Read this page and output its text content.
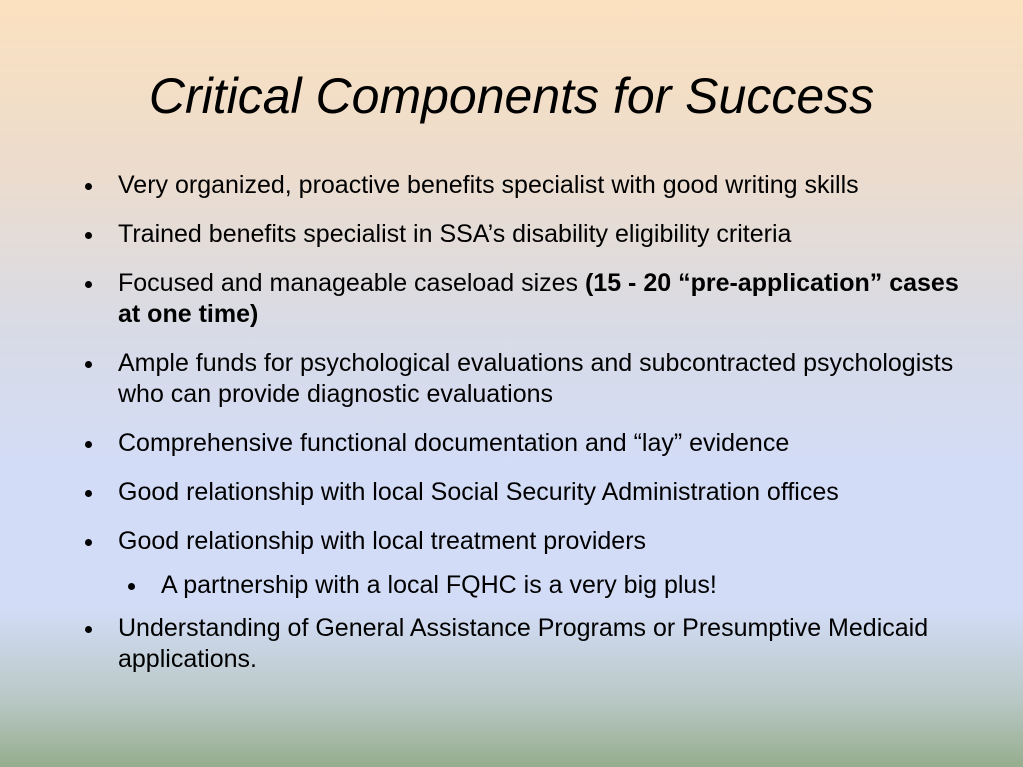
Critical Components for Success
Very organized, proactive benefits specialist with good writing skills
Trained benefits specialist in SSA’s disability eligibility criteria
Focused and manageable caseload sizes (15 - 20 “pre-application” cases at one time)
Ample funds for psychological evaluations and subcontracted psychologists who can provide diagnostic evaluations
Comprehensive functional documentation and “lay” evidence
Good relationship with local Social Security Administration offices
Good relationship with local treatment providers
A partnership with a local FQHC is a very big plus!
Understanding of General Assistance Programs or Presumptive Medicaid applications.
